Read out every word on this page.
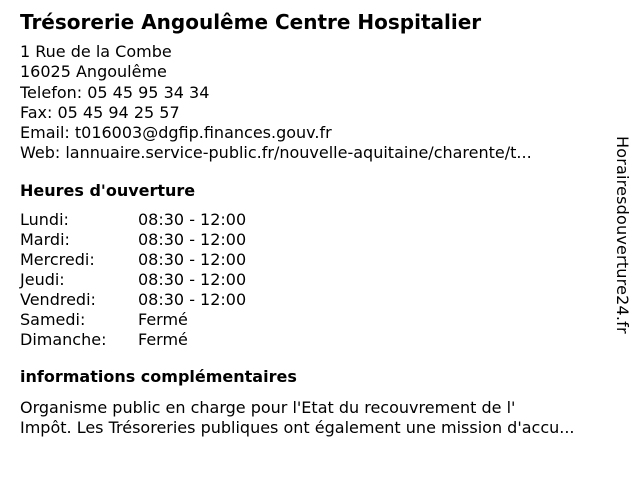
Trésorerie Angoulême Centre Hospitalier
1 Rue de la Combe
16025 Angoulême
Telefon: 05 45 95 34 34
Fax: 05 45 94 25 57
Email: t016003@dgfip.finances.gouv.fr
Web: lannuaire.service-public.fr/nouvelle-aquitaine/charente/t...
Heures d'ouverture
Lundi:	08:30 - 12:00
Mardi:	08:30 - 12:00
Mercredi:	08:30 - 12:00
Jeudi:	08:30 - 12:00
Vendredi:	08:30 - 12:00
Samedi:	Fermé
Dimanche:	Fermé
informations complémentaires
Organisme public en charge pour l'Etat du recouvrement de l'
Impôt. Les Trésoreries publiques ont également une mission d'accu...
Horairesdouverture24.fr
